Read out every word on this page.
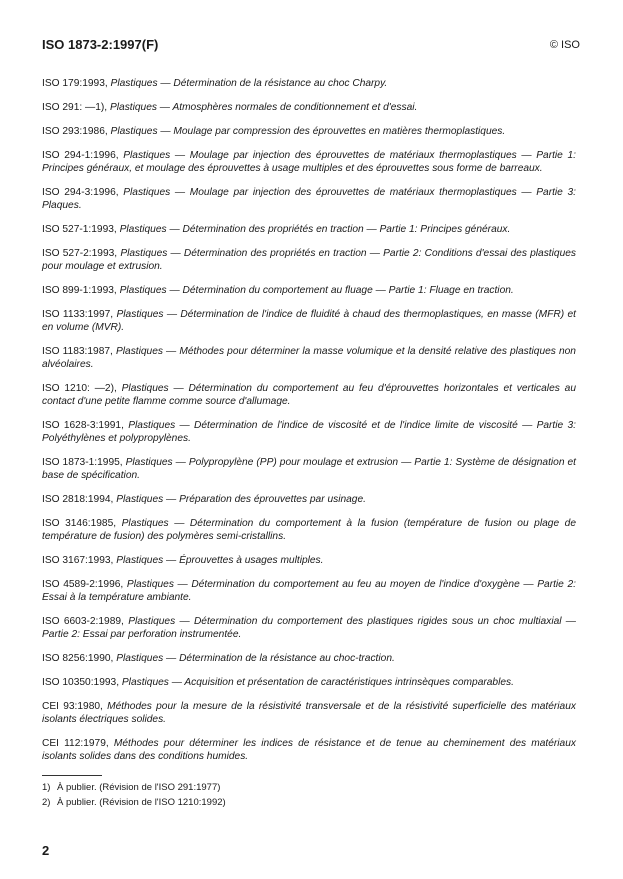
ISO 1873-2:1997(F)	© ISO

ISO 179:1993, Plastiques — Détermination de la résistance au choc Charpy.

ISO 291: —1), Plastiques — Atmosphères normales de conditionnement et d'essai.

ISO 293:1986, Plastiques — Moulage par compression des éprouvettes en matières thermoplastiques.

ISO 294-1:1996, Plastiques — Moulage par injection des éprouvettes de matériaux thermoplastiques — Partie 1: Principes généraux, et moulage des éprouvettes à usage multiples et des éprouvettes sous forme de barreaux.

ISO 294-3:1996, Plastiques — Moulage par injection des éprouvettes de matériaux thermoplastiques — Partie 3: Plaques.

ISO 527-1:1993, Plastiques — Détermination des propriétés en traction — Partie 1: Principes généraux.

ISO 527-2:1993, Plastiques — Détermination des propriétés en traction — Partie 2: Conditions d'essai des plastiques pour moulage et extrusion.

ISO 899-1:1993, Plastiques — Détermination du comportement au fluage — Partie 1: Fluage en traction.

ISO 1133:1997, Plastiques — Détermination de l'indice de fluidité à chaud des thermoplastiques, en masse (MFR) et en volume (MVR).

ISO 1183:1987, Plastiques — Méthodes pour déterminer la masse volumique et la densité relative des plastiques non alvéolaires.

ISO 1210: —2), Plastiques — Détermination du comportement au feu d'éprouvettes horizontales et verticales au contact d'une petite flamme comme source d'allumage.

ISO 1628-3:1991, Plastiques — Détermination de l'indice de viscosité et de l'indice limite de viscosité — Partie 3: Polyéthylènes et polypropylènes.

ISO 1873-1:1995, Plastiques — Polypropylène (PP) pour moulage et extrusion — Partie 1: Système de désignation et base de spécification.

ISO 2818:1994, Plastiques — Préparation des éprouvettes par usinage.

ISO 3146:1985, Plastiques — Détermination du comportement à la fusion (température de fusion ou plage de température de fusion) des polymères semi-cristallins.

ISO 3167:1993, Plastiques — Éprouvettes à usages multiples.

ISO 4589-2:1996, Plastiques — Détermination du comportement au feu au moyen de l'indice d'oxygène — Partie 2: Essai à la température ambiante.

ISO 6603-2:1989, Plastiques — Détermination du comportement des plastiques rigides sous un choc multiaxial — Partie 2: Essai par perforation instrumentée.

ISO 8256:1990, Plastiques — Détermination de la résistance au choc-traction.

ISO 10350:1993, Plastiques — Acquisition et présentation de caractéristiques intrinsèques comparables.

CEI 93:1980, Méthodes pour la mesure de la résistivité transversale et de la résistivité superficielle des matériaux isolants électriques solides.

CEI 112:1979, Méthodes pour déterminer les indices de résistance et de tenue au cheminement des matériaux isolants solides dans des conditions humides.

1) À publier. (Révision de l'ISO 291:1977)
2) À publier. (Révision de l'ISO 1210:1992)
2
